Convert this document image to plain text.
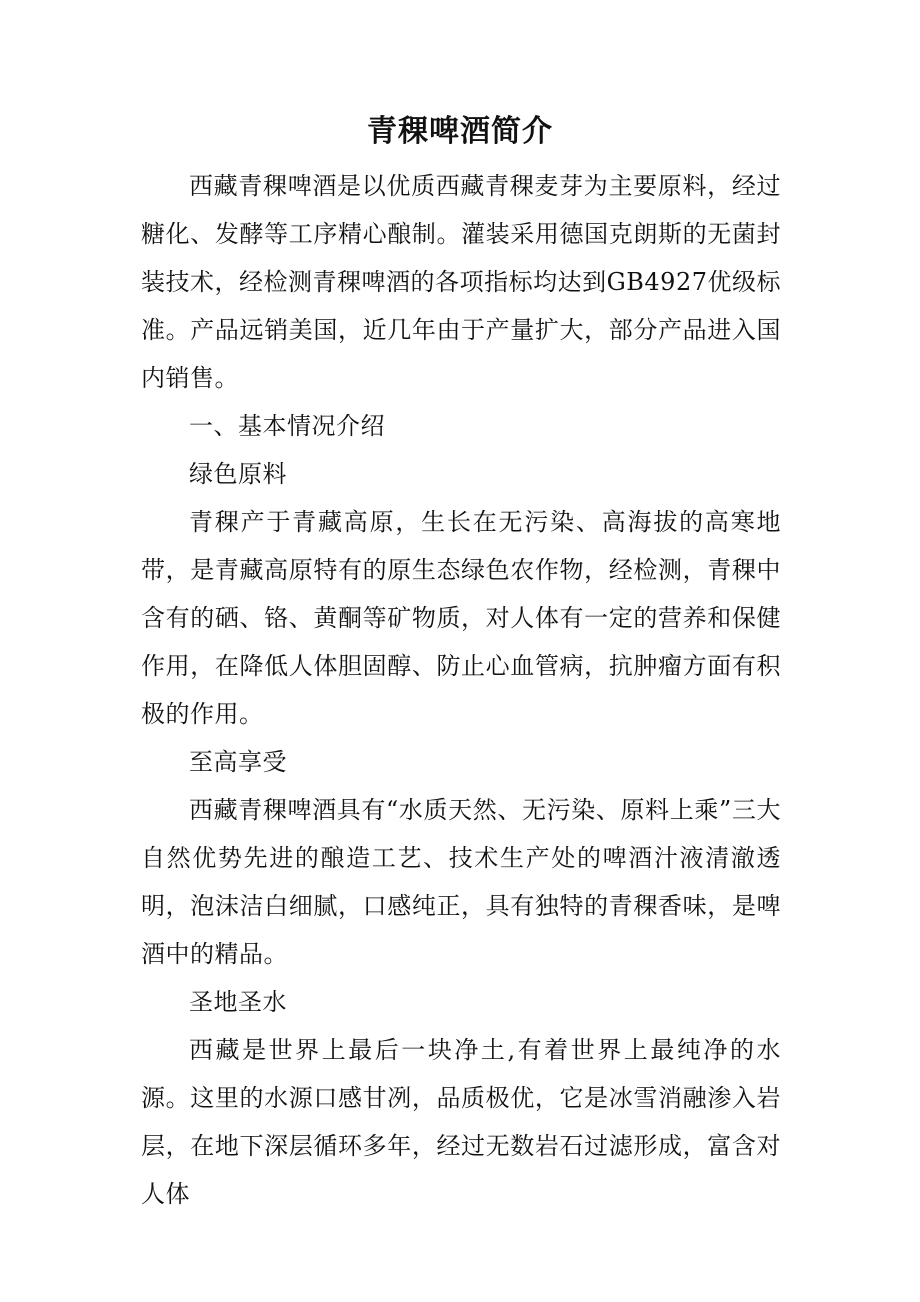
青稞啤酒简介

西藏青稞啤酒是以优质西藏青稞麦芽为主要原料，经过糖化、发酵等工序精心酿制。灌装采用德国克朗斯的无菌封装技术，经检测青稞啤酒的各项指标均达到GB4927优级标准。产品远销美国，近几年由于产量扩大，部分产品进入国内销售。

一、基本情况介绍

绿色原料

青稞产于青藏高原，生长在无污染、高海拔的高寒地带，是青藏高原特有的原生态绿色农作物，经检测，青稞中含有的硒、铬、黄酮等矿物质，对人体有一定的营养和保健作用，在降低人体胆固醇、防止心血管病，抗肿瘤方面有积极的作用。

至高享受

西藏青稞啤酒具有“水质天然、无污染、原料上乘”三大自然优势先进的酿造工艺、技术生产处的啤酒汁液清澈透明，泡沫洁白细腻，口感纯正，具有独特的青稞香味，是啤酒中的精品。

圣地圣水

西藏是世界上最后一块净土,有着世界上最纯净的水源。这里的水源口感甘冽，品质极优，它是冰雪消融渗入岩层，在地下深层循环多年，经过无数岩石过滤形成，富含对人体
